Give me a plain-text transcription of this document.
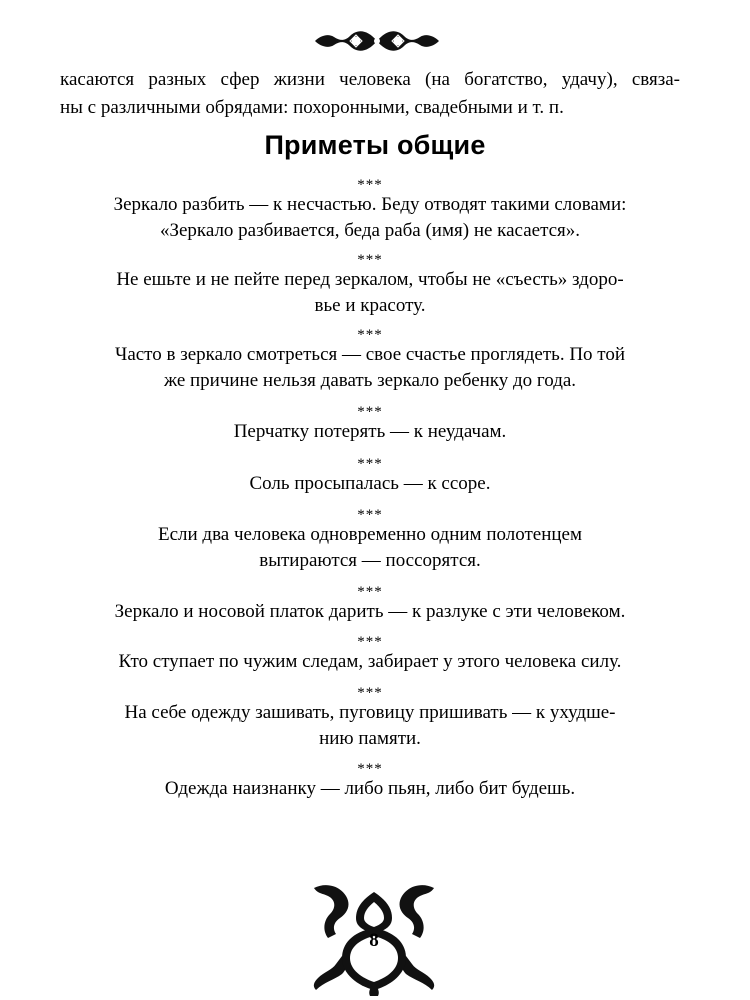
касаются разных сфер жизни человека (на богатство, удачу), связа-
ны с различными обрядами: похоронными, свадебными и т. п.
Приметы общие
***
Зеркало разбить — к несчастью. Беду отводят такими словами:
«Зеркало разбивается, беда раба (имя) не касается».
***
Не ешьте и не пейте перед зеркалом, чтобы не «съесть» здоро-
вье и красоту.
***
Часто в зеркало смотреться — свое счастье проглядеть. По той
же причине нельзя давать зеркало ребенку до года.
***
Перчатку потерять — к неудачам.
***
Соль просыпалась — к ссоре.
***
Если два человека одновременно одним полотенцем
вытираются — поссорятся.
***
Зеркало и носовой платок дарить — к разлуке с эти человеком.
***
Кто ступает по чужим следам, забирает у этого человека силу.
***
На себе одежду зашивать, пуговицу пришивать — к ухудше-
нию памяти.
***
Одежда наизнанку — либо пьян, либо бит будешь.
8
